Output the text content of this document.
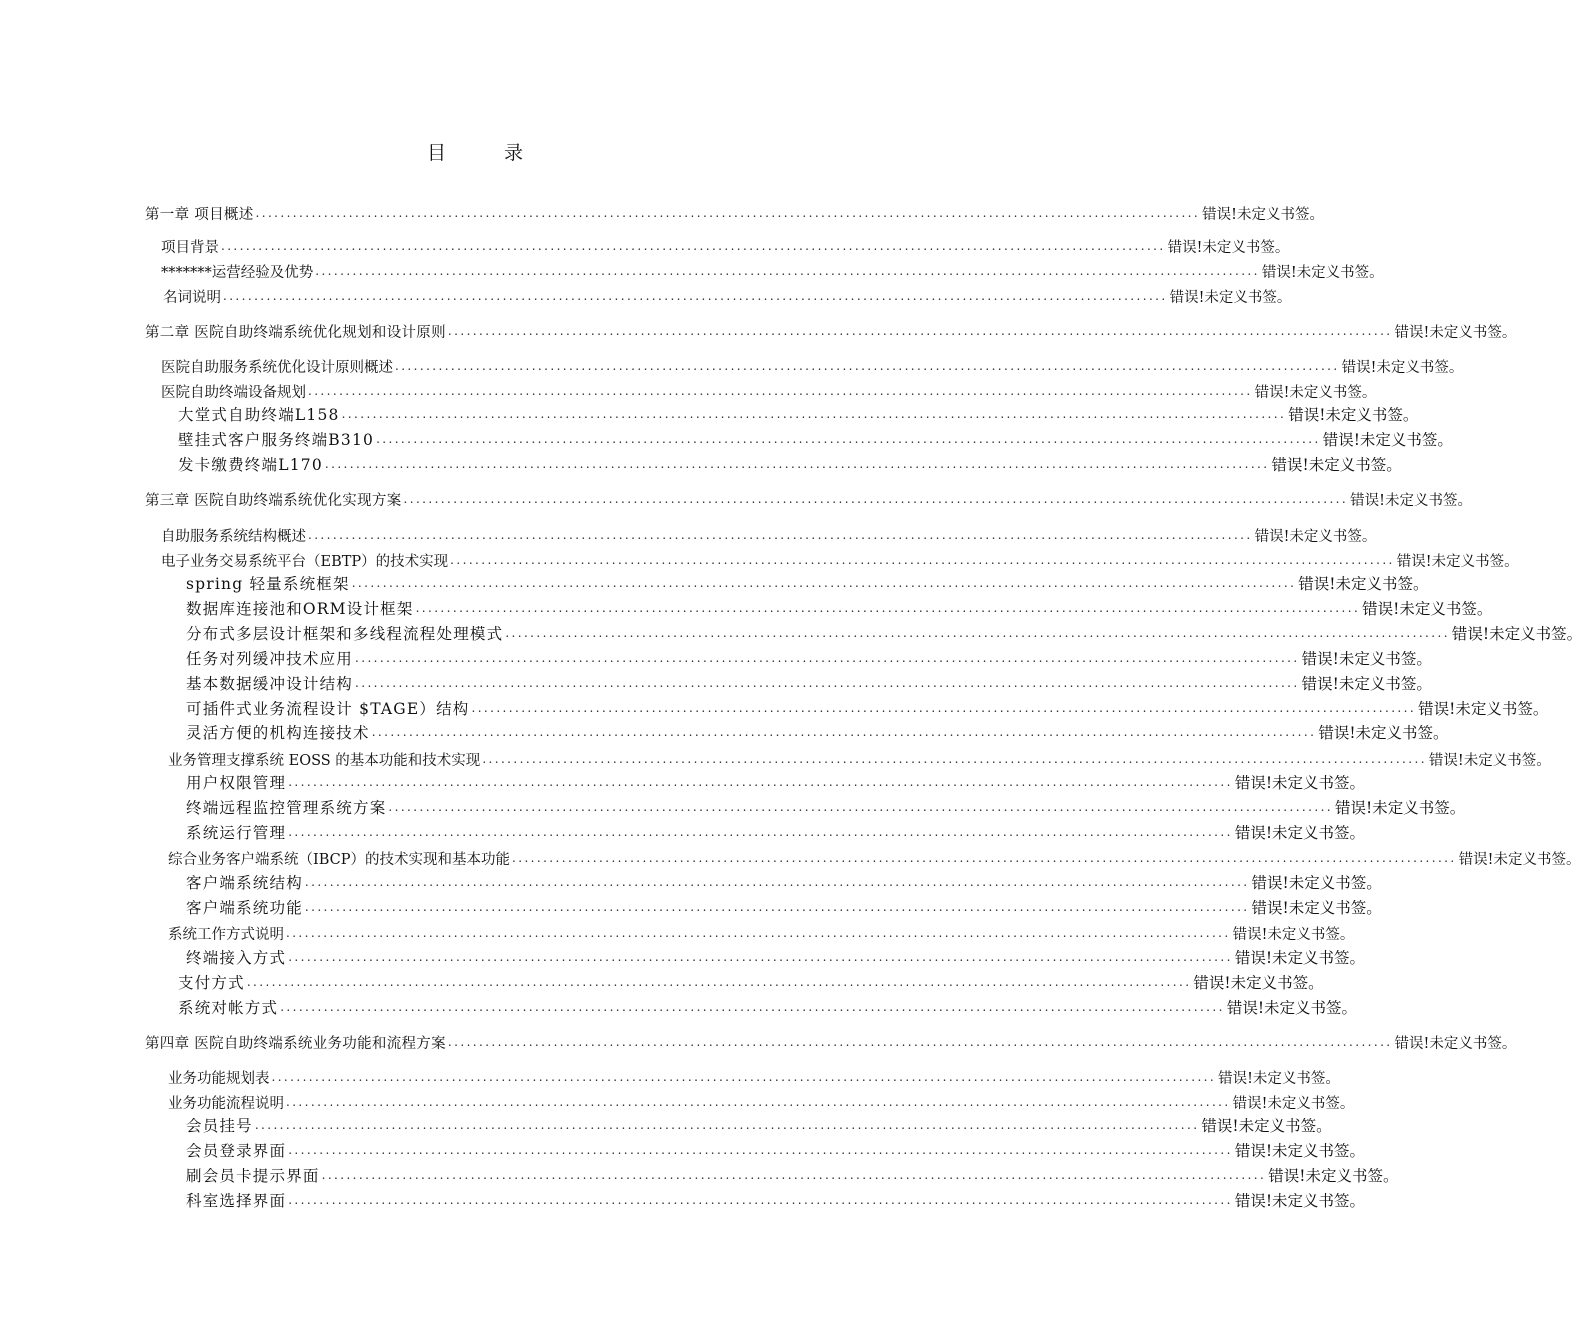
目 录
第一章 项目概述 ........................................................................................................................................................ 错误!未定义书签。
项目背景 ........................................................................................................................................................ 错误!未定义书签。
*******运营经验及优势 ........................................................................................................................................................ 错误!未定义书签。
名词说明 ........................................................................................................................................................ 错误!未定义书签。
第二章 医院自助终端系统优化规划和设计原则 ........................................................................................................................................................ 错误!未定义书签。
医院自助服务系统优化设计原则概述 ........................................................................................................................................................ 错误!未定义书签。
医院自助终端设备规划 ........................................................................................................................................................ 错误!未定义书签。
大堂式自助终端L158 ........................................................................................................................................................ 错误!未定义书签。
壁挂式客户服务终端B310 ........................................................................................................................................................ 错误!未定义书签。
发卡缴费终端L170 ........................................................................................................................................................ 错误!未定义书签。
第三章 医院自助终端系统优化实现方案 ........................................................................................................................................................ 错误!未定义书签。
自助服务系统结构概述 ........................................................................................................................................................ 错误!未定义书签。
电子业务交易系统平台（EBTP）的技术实现 ........................................................................................................................................................ 错误!未定义书签。
spring 轻量系统框架 ........................................................................................................................................................ 错误!未定义书签。
数据库连接池和ORM设计框架 ........................................................................................................................................................ 错误!未定义书签。
分布式多层设计框架和多线程流程处理模式 ........................................................................................................................................................ 错误!未定义书签。
任务对列缓冲技术应用 ........................................................................................................................................................ 错误!未定义书签。
基本数据缓冲设计结构 ........................................................................................................................................................ 错误!未定义书签。
可插件式业务流程设计 $TAGE）结构 ........................................................................................................................................................ 错误!未定义书签。
灵活方便的机构连接技术 ........................................................................................................................................................ 错误!未定义书签。
业务管理支撑系统 EOSS 的基本功能和技术实现 ........................................................................................................................................................ 错误!未定义书签。
用户权限管理 ........................................................................................................................................................ 错误!未定义书签。
终端远程监控管理系统方案 ........................................................................................................................................................ 错误!未定义书签。
系统运行管理 ........................................................................................................................................................ 错误!未定义书签。
综合业务客户端系统（IBCP）的技术实现和基本功能 ........................................................................................................................................................ 错误!未定义书签。
客户端系统结构 ........................................................................................................................................................ 错误!未定义书签。
客户端系统功能 ........................................................................................................................................................ 错误!未定义书签。
系统工作方式说明 ........................................................................................................................................................ 错误!未定义书签。
终端接入方式 ........................................................................................................................................................ 错误!未定义书签。
支付方式 ........................................................................................................................................................ 错误!未定义书签。
系统对帐方式 ........................................................................................................................................................ 错误!未定义书签。
第四章 医院自助终端系统业务功能和流程方案 ........................................................................................................................................................ 错误!未定义书签。
业务功能规划表 ........................................................................................................................................................ 错误!未定义书签。
业务功能流程说明 ........................................................................................................................................................ 错误!未定义书签。
会员挂号 ........................................................................................................................................................ 错误!未定义书签。
会员登录界面 ........................................................................................................................................................ 错误!未定义书签。
刷会员卡提示界面 ........................................................................................................................................................ 错误!未定义书签。
科室选择界面 ........................................................................................................................................................ 错误!未定义书签。
